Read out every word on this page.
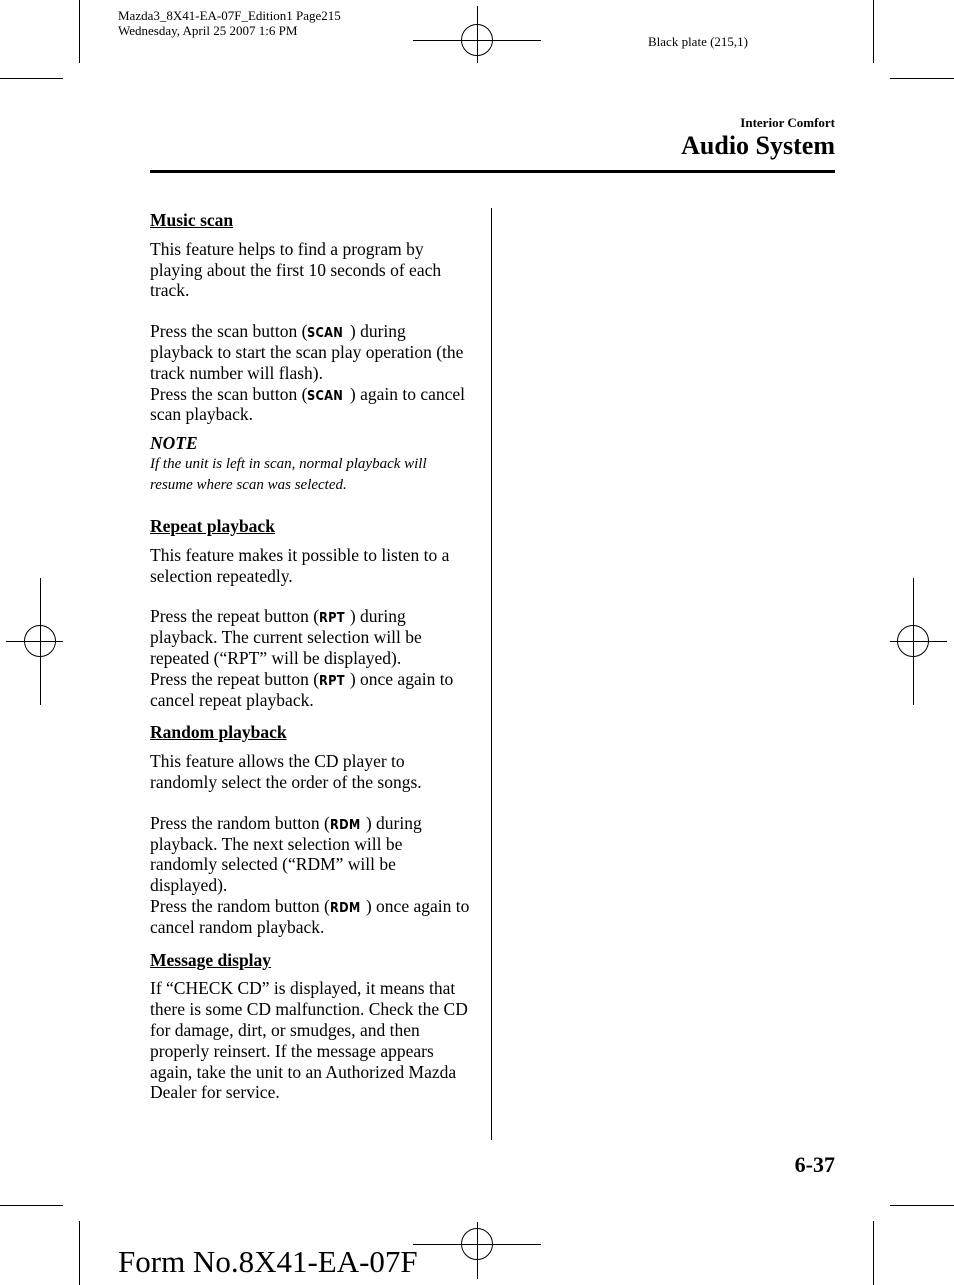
Mazda3_8X41-EA-07F_Edition1 Page215
Wednesday, April 25 2007 1:6 PM
Black plate (215,1)
Interior Comfort
Audio System
Music scan

This feature helps to find a program by playing about the first 10 seconds of each track.

Press the scan button (SCAN ) during playback to start the scan play operation (the track number will flash).

Press the scan button (SCAN ) again to cancel scan playback.

NOTE
If the unit is left in scan, normal playback will resume where scan was selected.
Repeat playback

This feature makes it possible to listen to a selection repeatedly.

Press the repeat button (RPT ) during playback. The current selection will be repeated (“RPT” will be displayed).

Press the repeat button (RPT ) once again to cancel repeat playback.

Random playback

This feature allows the CD player to randomly select the order of the songs.

Press the random button (RDM ) during playback. The next selection will be randomly selected (“RDM” will be displayed).

Press the random button (RDM ) once again to cancel random playback.

Message display

If “CHECK CD” is displayed, it means that there is some CD malfunction. Check the CD for damage, dirt, or smudges, and then properly reinsert. If the message appears again, take the unit to an Authorized Mazda Dealer for service.

6-37
Form No.8X41-EA-07F
